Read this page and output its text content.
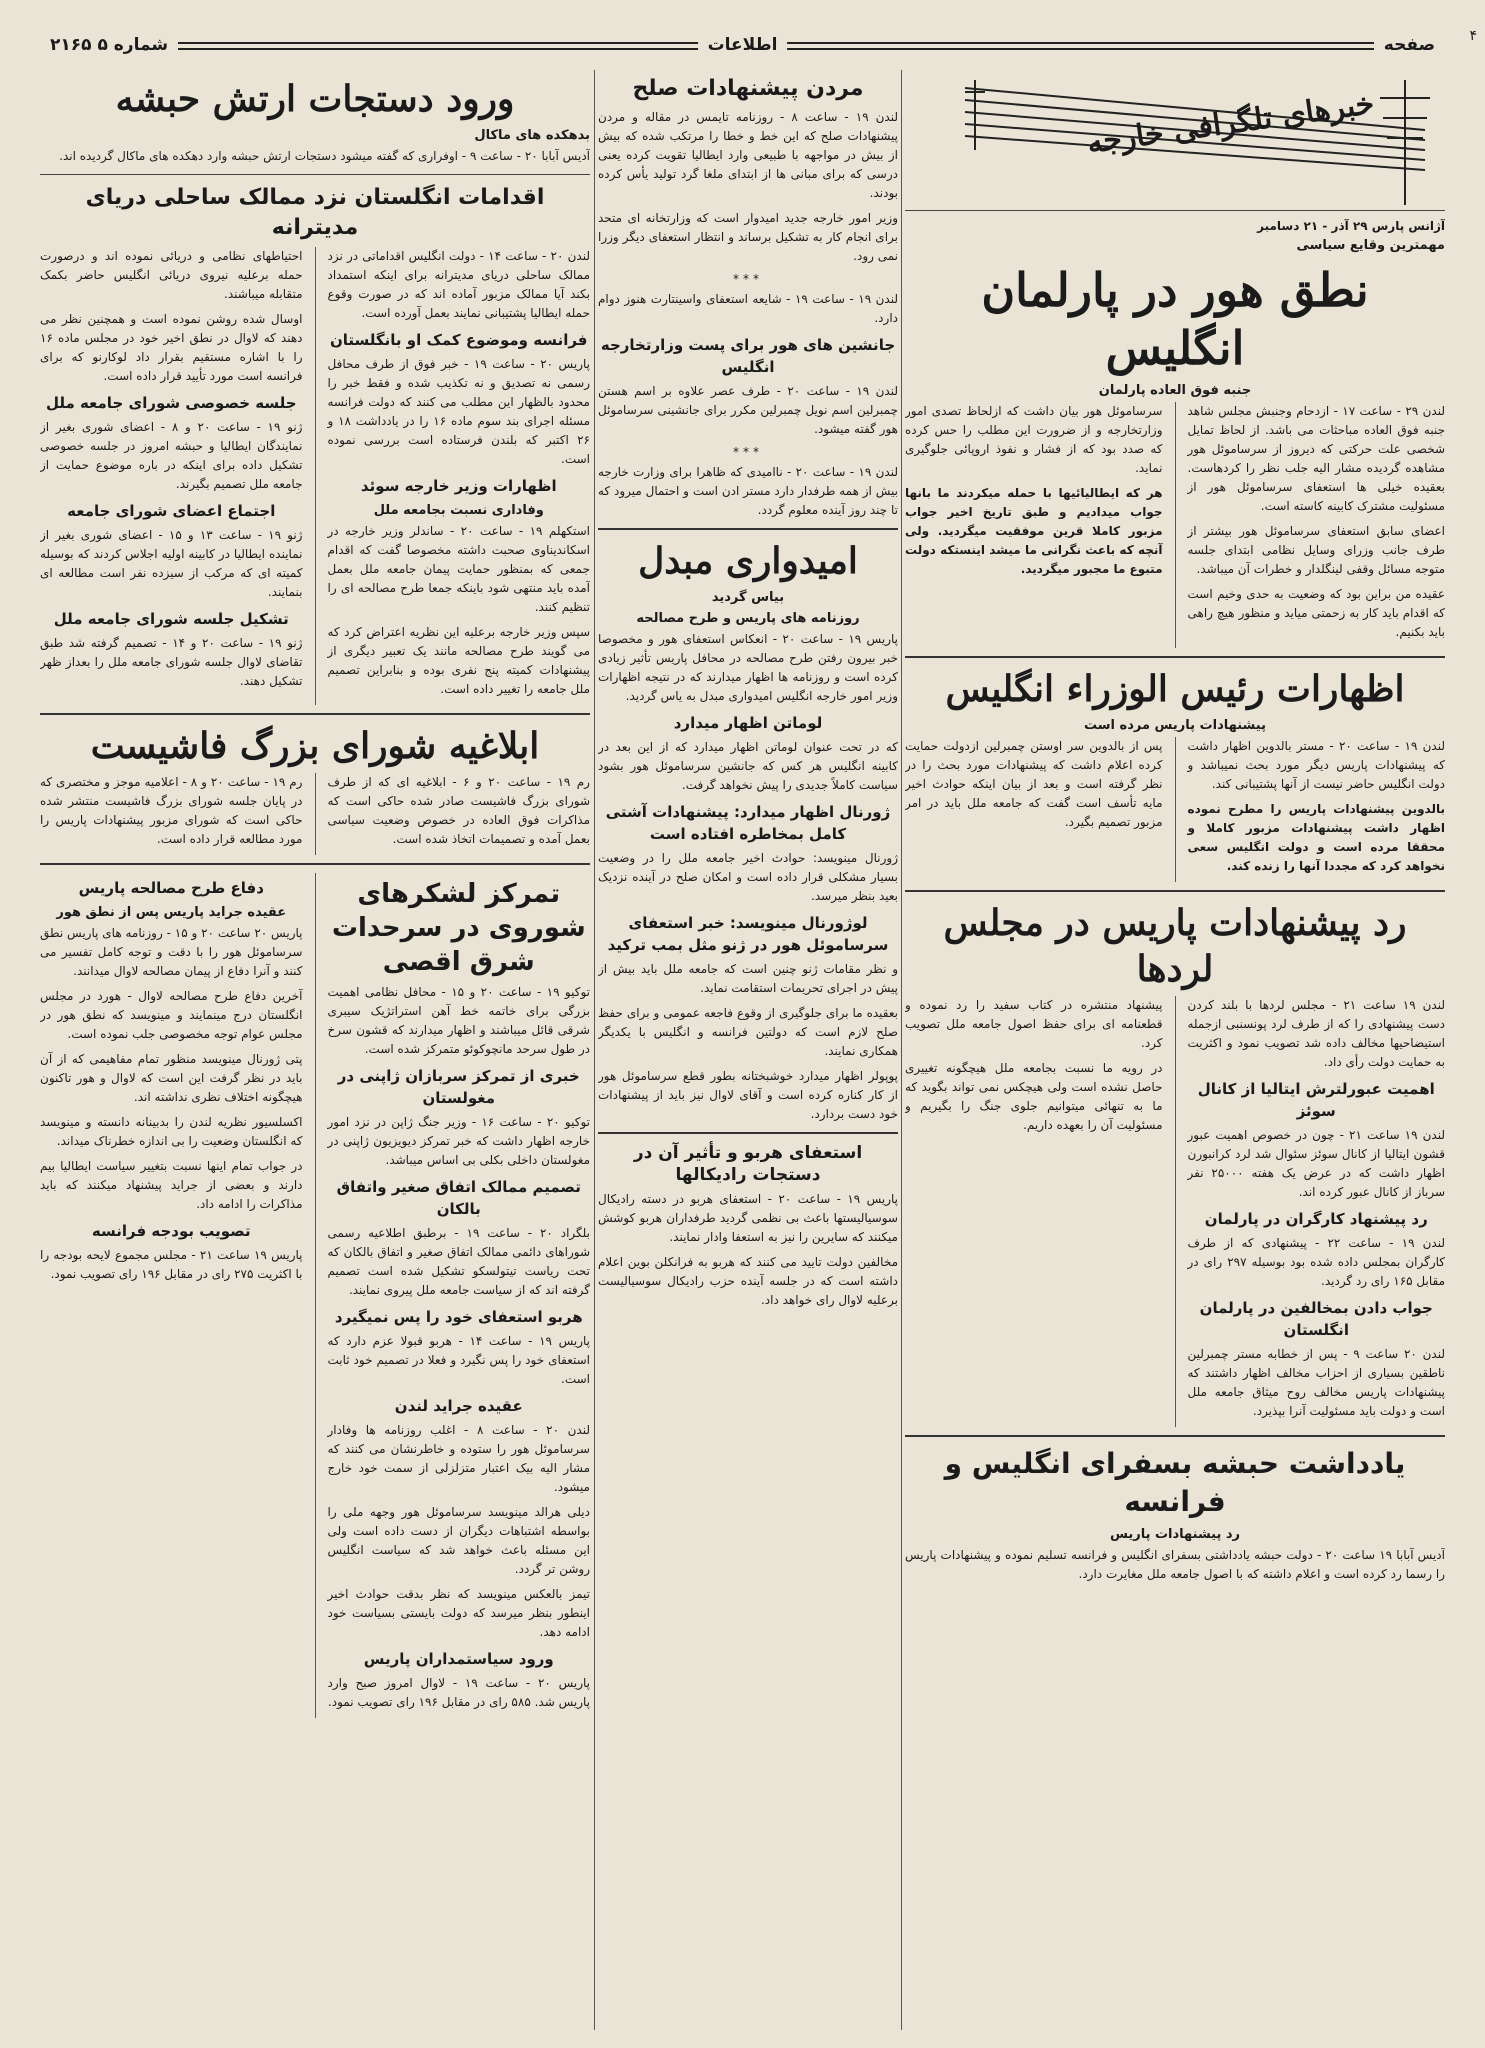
۴
صفحه
اطلاعات
۲۱۶۵ شماره ۵
خبرهای تلگرافی خارجه
آژانس پارس ۲۹ آذر - ۲۱ دسامبر
مهمترین وقایع سیاسی
نطق هور در پارلمان انگلیس
جنبه فوق العاده پارلمان

لندن ۲۹ - ساعت ۱۷ - ازدحام وجنبش مجلس شاهد جنبه فوق العاده مباحثات می باشد. از لحاظ تمایل شخصی علت حرکتی که دیروز از سرساموئل هور مشاهده گردیده مشار الیه جلب نظر را کردهاست. بعقیده خیلی ها استعفای سرساموئل هور از مسئولیت مشترک کابینه کاسته است.

اعضای سابق استعفای سرساموئل هور بیشتر از طرف جانب وزرای وسایل نظامی ابتدای جلسه متوجه مسائل وقفی لینگلدار و خطرات آن میباشد.

عقیده من براین بود که وضعیت به حدی وخیم است که اقدام باید کار به زحمتی میاید و منظور هیچ راهی باید بکنیم.

سرساموئل هور بیان داشت که ازلحاظ تصدی امور وزارتخارجه و از ضرورت این مطلب را حس کرده که صدد بود که از فشار و نفوذ اروپائی جلوگیری نماید.

هر که ایطالیائیها با حمله میکردند ما بانها جواب میدادیم و طبق تاریخ اخیر جواب مزبور کاملا قرین موفقیت میگردید. ولی آنچه که باعث نگرانی ما میشد اینستکه دولت متبوع ما مجبور میگردید.

اظهارات رئیس الوزراء انگلیس
پیشنهادات پاریس مرده است

لندن ۱۹ - ساعت ۲۰ - مستر بالدوین اظهار داشت که پیشنهادات پاریس دیگر مورد بحث نمیباشد و دولت انگلیس حاضر نیست از آنها پشتیبانی کند.

بالدوین پیشنهادات پاریس را مطرح نموده اظهار داشت پیشنهادات مزبور کاملا و محققا مرده است و دولت انگلیس سعی نخواهد کرد که مجددا آنها را زنده کند.

پس از بالدوین سر اوستن چمبرلین ازدولت حمایت کرده اعلام داشت که پیشنهادات مورد بحث را در نظر گرفته است و بعد از بیان اینکه حوادث اخیر مایه تأسف است گفت که جامعه ملل باید در امر مزبور تصمیم بگیرد.

رد پیشنهادات پاریس در مجلس لردها

لندن ۱۹ ساعت ۲۱ - مجلس لردها با بلند کردن دست پیشنهادی را که از طرف لرد پونسنبی ازجمله استیضاحیها مخالف داده شد تصویب نمود و اکثریت به حمایت دولت رأی داد.

اهمیت عبورلترش ایتالیا از کانال سوئز

لندن ۱۹ ساعت ۲۱ - چون در خصوص اهمیت عبور قشون ایتالیا از کانال سوئز سئوال شد لرد کرانبورن اظهار داشت که در عرض یک هفته ۲۵۰۰۰ نفر سرباز از کانال عبور کرده اند.

رد پیشنهاد کارگران در پارلمان

لندن ۱۹ - ساعت ۲۲ - پیشنهادی که از طرف کارگران بمجلس داده شده بود بوسیله ۲۹۷ رای در مقابل ۱۶۵ رای رد گردید.

جواب دادن بمخالفین در پارلمان انگلستان

لندن ۲۰ ساعت ۹ - پس از خطابه مستر چمبرلین ناطقین بسیاری از احزاب مخالف اظهار داشتند که پیشنهادات پاریس مخالف روح میثاق جامعه ملل است و دولت باید مسئولیت آنرا بپذیرد.

پیشنهاد منتشره در کتاب سفید را رد نموده و قطعنامه ای برای حفظ اصول جامعه ملل تصویب کرد.

در رویه ما نسبت بجامعه ملل هیچگونه تغییری حاصل نشده است ولی هیچکس نمی تواند بگوید که ما به تنهائی میتوانیم جلوی جنگ را بگیریم و مسئولیت آن را بعهده داریم.

یادداشت حبشه بسفرای انگلیس و فرانسه
رد پیشنهادات پاریس

آدیس آبابا ۱۹ ساعت ۲۰ - دولت حبشه یادداشتی بسفرای انگلیس و فرانسه تسلیم نموده و پیشنهادات پاریس را رسما رد کرده است و اعلام داشته که با اصول جامعه ملل مغایرت دارد.

مردن پیشنهادات صلح

لندن ۱۹ - ساعت ۸ - روزنامه تایمس در مقاله و مردن پیشنهادات صلح که این خط و خطا را مرتکب شده که بیش از بیش در مواجهه با طبیعی وارد ایطالیا تقویت کرده یعنی درسی که برای مبانی ها از ابتدای ملغا گرد تولید یأس کرده بودند.

وزیر امور خارجه جدید امیدوار است که وزارتخانه ای متحد برای انجام کار به تشکیل برساند و انتظار استعفای دیگر وزرا نمی رود.

***

لندن ۱۹ - ساعت ۱۹ - شایعه استعفای واسینتارت هنوز دوام دارد.

جانشین های هور برای پست وزارتخارجه انگلیس

لندن ۱۹ - ساعت ۲۰ - طرف عصر علاوه بر اسم هستن چمبرلین اسم نویل چمبرلین مکرر برای جانشینی سرساموئل هور گفته میشود.

***

لندن ۱۹ - ساعت ۲۰ - ناامیدی که ظاهرا برای وزارت خارجه بیش از همه طرفدار دارد مستر ادن است و احتمال میرود که تا چند روز آینده معلوم گردد.

امیدواری مبدل
بیاس گردید
روزنامه های پاریس و طرح مصالحه

پاریس ۱۹ - ساعت ۲۰ - انعکاس استعفای هور و مخصوصا خبر بیرون رفتن طرح مصالحه در محافل پاریس تأثیر زیادی کرده است و روزنامه ها اظهار میدارند که در نتیجه اظهارات وزیر امور خارجه انگلیس امیدواری مبدل به یاس گردید.

لوماتن اظهار میدارد

که در تحت عنوان لوماتن اظهار میدارد که از این بعد در کابینه انگلیس هر کس که جانشین سرساموئل هور بشود سیاست کاملاً جدیدی را پیش نخواهد گرفت.

ژورنال اظهار میدارد: پیشنهادات آشتی کامل بمخاطره افتاده است

ژورنال مینویسد: حوادث اخیر جامعه ملل را در وضعیت بسیار مشکلی قرار داده است و امکان صلح در آینده نزدیک بعید بنظر میرسد.

لوژورنال مینویسد: خبر استعفای سرساموئل هور در ژنو مثل بمب ترکید

و نظر مقامات ژنو چنین است که جامعه ملل باید بیش از پیش در اجرای تحریمات استقامت نماید.

بعقیده ما برای جلوگیری از وقوع فاجعه عمومی و برای حفظ صلح لازم است که دولتین فرانسه و انگلیس با یکدیگر همکاری نمایند.

پوپولر اظهار میدارد خوشبختانه بطور قطع سرساموئل هور از کار کناره کرده است و آقای لاوال نیز باید از پیشنهادات خود دست بردارد.

استعفای هربو و تأثیر آن در دستجات رادیکالها

پاریس ۱۹ - ساعت ۲۰ - استعفای هربو در دسته رادیکال سوسیالیستها باعث بی نظمی گردید طرفداران هربو کوشش میکنند که سایرین را نیز به استعفا وادار نمایند.

مخالفین دولت تایید می کنند که هربو به فرانکلن بوین اعلام داشته است که در جلسه آینده حزب رادیکال سوسیالیست برعلیه لاوال رای خواهد داد.

ورود دستجات ارتش حبشه
بدهکده های ماکال

آدیس آبابا ۲۰ - ساعت ۹ - اوفراری که گفته میشود دستجات ارتش حبشه وارد دهکده های ماکال گردیده اند.

اقدامات انگلستان نزد ممالک ساحلی دریای مدیترانه

لندن ۲۰ - ساعت ۱۴ - دولت انگلیس اقداماتی در نزد ممالک ساحلی دریای مدیترانه برای اینکه استمداد بکند آیا ممالک مزبور آماده اند که در صورت وقوع حمله ایطالیا پشتیبانی نمایند بعمل آورده است.

فرانسه وموضوع کمک او بانگلستان

پاریس ۲۰ - ساعت ۱۹ - خبر فوق از طرف محافل رسمی نه تصدیق و نه تکذیب شده و فقط خبر را محدود بالظهار این مطلب می کنند که دولت فرانسه مسئله اجرای بند سوم ماده ۱۶ را در یادداشت ۱۸ و ۲۶ اکتبر که بلندن فرستاده است بررسی نموده است.

اظهارات وزیر خارجه سوئد
وفاداری نسبت بجامعه ملل

استکهلم ۱۹ - ساعت ۲۰ - ساندلر وزیر خارجه در اسکاندیناوی صحبت داشته مخصوصا گفت که اقدام جمعی که بمنظور حمایت پیمان جامعه ملل بعمل آمده باید منتهی شود باینکه جمعا طرح مصالحه ای را تنظیم کنند.

سپس وزیر خارجه برعلیه این نظریه اعتراض کرد که می گویند طرح مصالحه مانند یک تعبیر دیگری از پیشنهادات کمیته پنج نفری بوده و بنابراین تصمیم ملل جامعه را تغییر داده است.

احتیاطهای نظامی و دریائی نموده اند و درصورت حمله برعلیه نیروی دریائی انگلیس حاضر بکمک متقابله میباشند.

اوسال شده روشن نموده است و همچنین نظر می دهند که لاوال در نطق اخیر خود در مجلس ماده ۱۶ را با اشاره مستقیم بقرار داد لوکارنو که برای فرانسه است مورد تأیید قرار داده است.

جلسه خصوصی شورای جامعه ملل

ژنو ۱۹ - ساعت ۲۰ و ۸ - اعضای شوری بغیر از نمایندگان ایطالیا و حبشه امروز در جلسه خصوصی تشکیل داده برای اینکه در باره موضوع حمایت از جامعه ملل تصمیم بگیرند.

اجتماع اعضای شورای جامعه

ژنو ۱۹ - ساعت ۱۳ و ۱۵ - اعضای شوری بغیر از نماینده ایطالیا در کابینه اولیه اجلاس کردند که بوسیله کمیته ای که مرکب از سیزده نفر است مطالعه ای بنمایند.

تشکیل جلسه شورای جامعه ملل

ژنو ۱۹ - ساعت ۲۰ و ۱۴ - تصمیم گرفته شد طبق تقاضای لاوال جلسه شورای جامعه ملل را بعداز ظهر تشکیل دهند.

ابلاغیه شورای بزرگ فاشیست

رم ۱۹ - ساعت ۲۰ و ۶ - ابلاغیه ای که از طرف شورای بزرگ فاشیست صادر شده حاکی است که مذاکرات فوق العاده در خصوص وضعیت سیاسی بعمل آمده و تصمیمات اتخاذ شده است.

رم ۱۹ - ساعت ۲۰ و ۸ - اعلامیه موجز و مختصری که در پایان جلسه شورای بزرگ فاشیست منتشر شده حاکی است که شورای مزبور پیشنهادات پاریس را مورد مطالعه قرار داده است.

تمرکز لشکرهای شوروی در سرحدات شرق اقصی

توکیو ۱۹ - ساعت ۲۰ و ۱۵ - محافل نظامی اهمیت بزرگی برای خاتمه خط آهن استراتژیک سیبری شرقی قائل میباشند و اظهار میدارند که قشون سرخ در طول سرحد مانچوکوئو متمرکز شده است.

خبری از تمرکز سربازان ژاپنی در مغولستان

توکیو ۲۰ - ساعت ۱۶ - وزیر جنگ ژاپن در نزد امور خارجه اظهار داشت که خبر تمرکز دیویزیون ژاپنی در مغولستان داخلی بکلی بی اساس میباشد.

تصمیم ممالک اتفاق صغیر واتفاق بالکان

بلگراد ۲۰ - ساعت ۱۹ - برطبق اطلاعیه رسمی شوراهای دائمی ممالک اتفاق صغیر و اتفاق بالکان که تحت ریاست تیتولسکو تشکیل شده است تصمیم گرفته اند که از سیاست جامعه ملل پیروی نمایند.

هربو استعفای خود را پس نمیگیرد

پاریس ۱۹ - ساعت ۱۴ - هربو قبولا عزم دارد که استعفای خود را پس نگیرد و فعلا در تصمیم خود ثابت است.

عقیده جراید لندن

لندن ۲۰ - ساعت ۸ - اغلب روزنامه ها وفادار سرساموئل هور را ستوده و خاطرنشان می کنند که مشار الیه بیک اعتبار متزلزلی از سمت خود خارج میشود.

دیلی هرالد مینویسد سرساموئل هور وجهه ملی را بواسطه اشتباهات دیگران از دست داده است ولی این مسئله باعث خواهد شد که سیاست انگلیس روشن تر گردد.

تیمز بالعکس مینویسد که نظر بدقت حوادث اخیر اینطور بنظر میرسد که دولت بایستی بسیاست خود ادامه دهد.

ورود سیاستمداران پاریس

پاریس ۲۰ - ساعت ۱۹ - لاوال امروز صبح وارد پاریس شد. ۵۸۵ رای در مقابل ۱۹۶ رای تصویب نمود.

دفاع طرح مصالحه پاریس
عقیده جراید پاریس پس از نطق هور

پاریس ۲۰ ساعت ۲۰ و ۱۵ - روزنامه های پاریس نطق سرساموئل هور را با دقت و توجه کامل تفسیر می کنند و آنرا دفاع از پیمان مصالحه لاوال میدانند.

آخرین دفاع طرح مصالحه لاوال - هورد در مجلس انگلستان درج مینمایند و مینویسد که نطق هور در مجلس عوام توجه مخصوصی جلب نموده است.

پتی ژورنال مینویسد منظور تمام مفاهیمی که از آن باید در نظر گرفت این است که لاوال و هور تاکنون هیچگونه اختلاف نظری نداشته اند.

اکسلسیور نظریه لندن را بدبینانه دانسته و مینویسد که انگلستان وضعیت را بی اندازه خطرناک میداند.

در جواب تمام اینها نسبت بتغییر سیاست ایطالیا بیم دارند و بعضی از جراید پیشنهاد میکنند که باید مذاکرات را ادامه داد.

تصویب بودجه فرانسه

پاریس ۱۹ ساعت ۲۱ - مجلس مجموع لایحه بودجه را با اکثریت ۲۷۵ رای در مقابل ۱۹۶ رای تصویب نمود.
